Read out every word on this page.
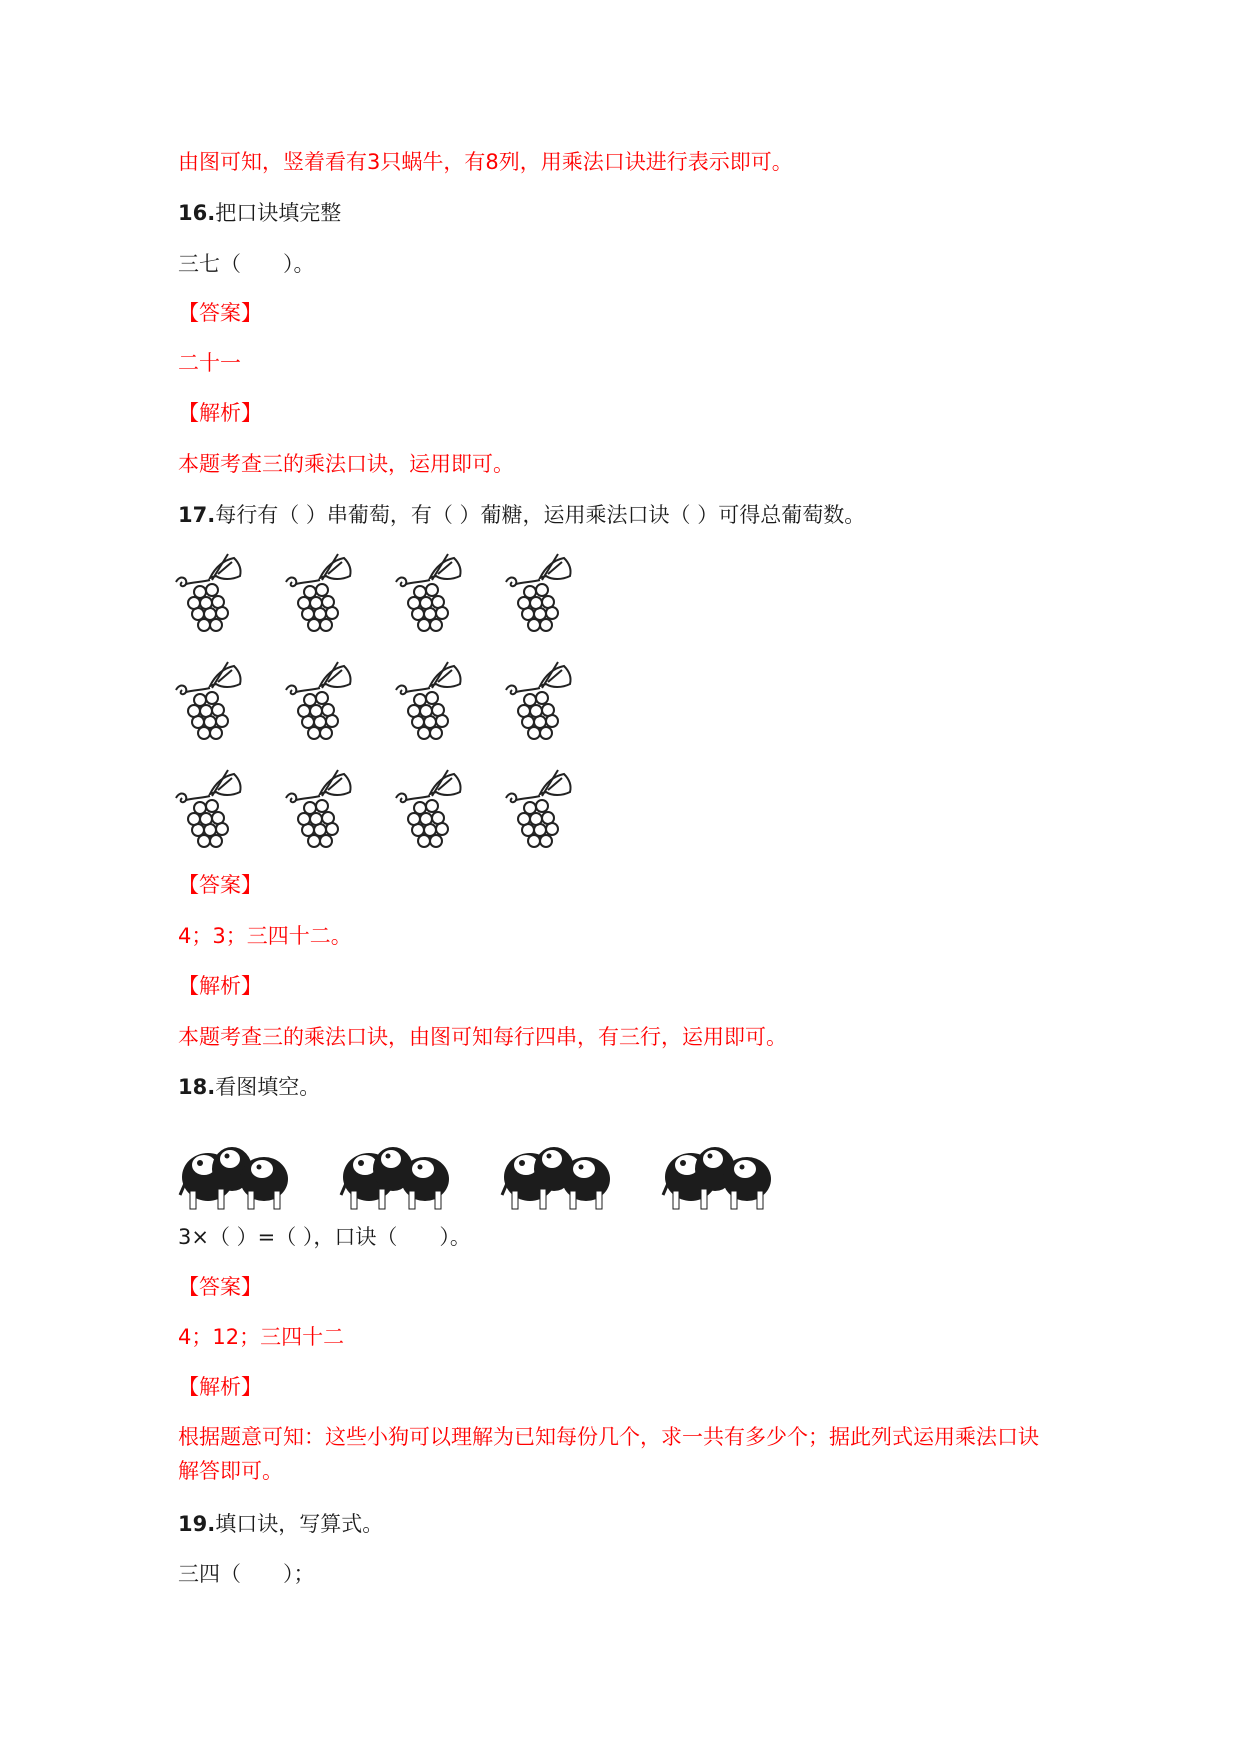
由图可知，竖着看有3只蜗牛，有8列，用乘法口诀进行表示即可。
16.把口诀填完整
三七（　　）。
【答案】
二十一
【解析】
本题考查三的乘法口诀，运用即可。
17.每行有（ ）串葡萄，有（ ）葡糖，运用乘法口诀（ ）可得总葡萄数。
【答案】
4；3；三四十二。
【解析】
本题考查三的乘法口诀，由图可知每行四串，有三行，运用即可。
18.看图填空。
3×（ ）=（ ），口诀（　　）。
【答案】
4；12；三四十二
【解析】
根据题意可知：这些小狗可以理解为已知每份几个，求一共有多少个；据此列式运用乘法口诀解答即可。
19.填口诀，写算式。
三四（　　）；
